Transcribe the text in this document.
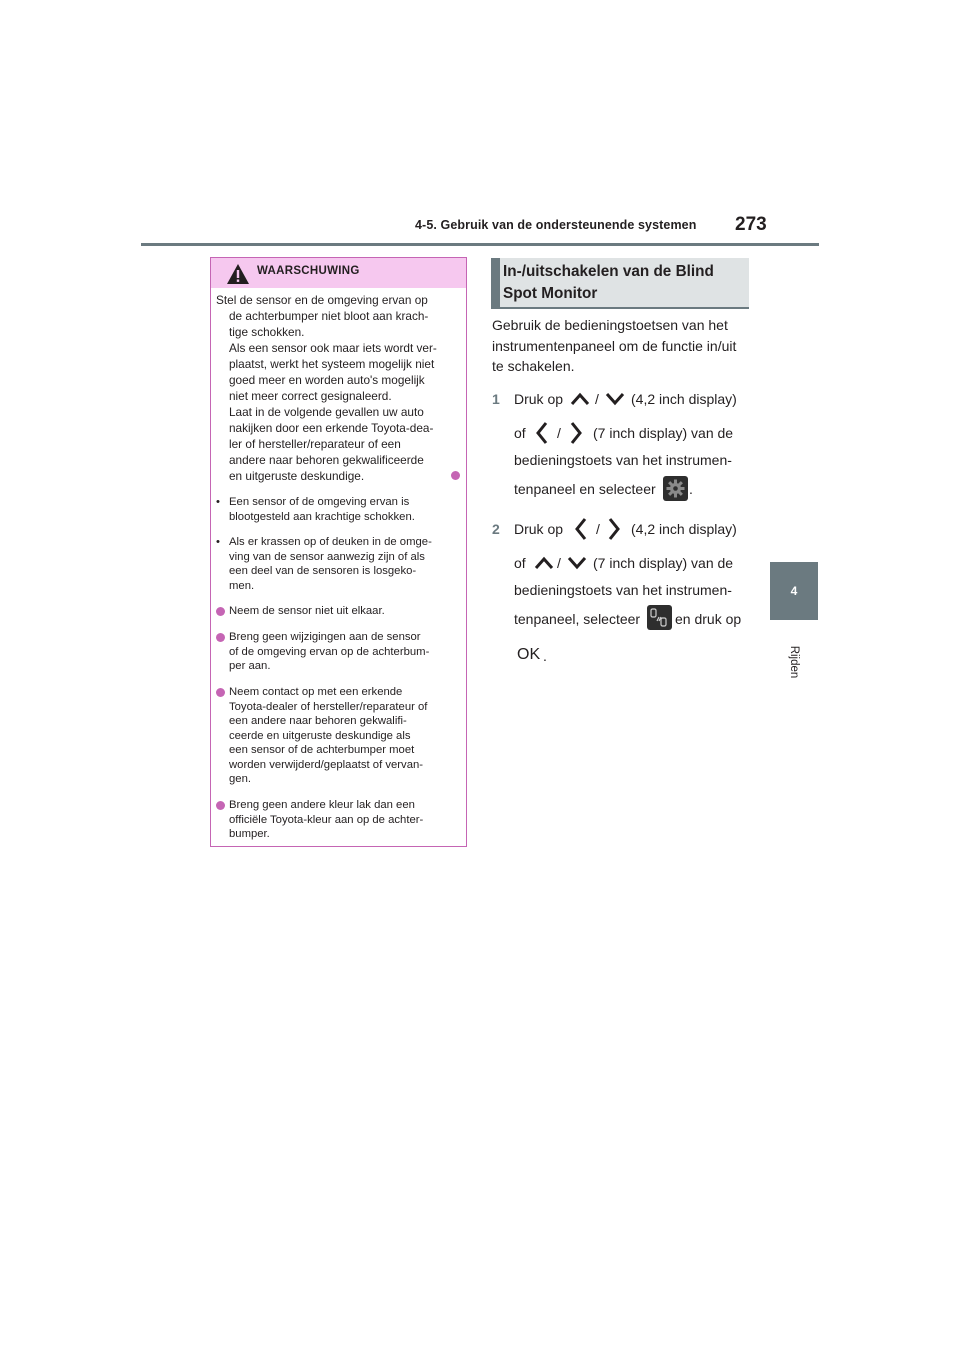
4-5. Gebruik van de ondersteunende systemen 273
4
Rijden
WAARSCHUWING
Stel de sensor en de omgeving ervan op
de achterbumper niet bloot aan krach-
tige schokken.
Als een sensor ook maar iets wordt ver-
plaatst, werkt het systeem mogelijk niet
goed meer en worden auto's mogelijk
niet meer correct gesignaleerd.
Laat in de volgende gevallen uw auto
nakijken door een erkende Toyota-dea-
ler of hersteller/reparateur of een
andere naar behoren gekwalificeerde
en uitgeruste deskundige.
• Een sensor of de omgeving ervan is
blootgesteld aan krachtige schokken.
• Als er krassen op of deuken in de omge-
ving van de sensor aanwezig zijn of als
een deel van de sensoren is losgeko-
men.
Neem de sensor niet uit elkaar.
Breng geen wijzigingen aan de sensor
of de omgeving ervan op de achterbum-
per aan.
Neem contact op met een erkende
Toyota-dealer of hersteller/reparateur of
een andere naar behoren gekwalifi-
ceerde en uitgeruste deskundige als
een sensor of de achterbumper moet
worden verwijderd/geplaatst of vervan-
gen.
Breng geen andere kleur lak dan een
officiële Toyota-kleur aan op de achter-
bumper.
In-/uitschakelen van de Blind
Spot Monitor
Gebruik de bedieningstoetsen van het
instrumentenpaneel om de functie in/uit
te schakelen.
1 Druk op / (4,2 inch display)
of / (7 inch display) van de
bedieningstoets van het instrumen-
tenpaneel en selecteer .
2 Druk op / (4,2 inch display)
of / (7 inch display) van de
bedieningstoets van het instrumen-
tenpaneel, selecteer en druk op
OK .
